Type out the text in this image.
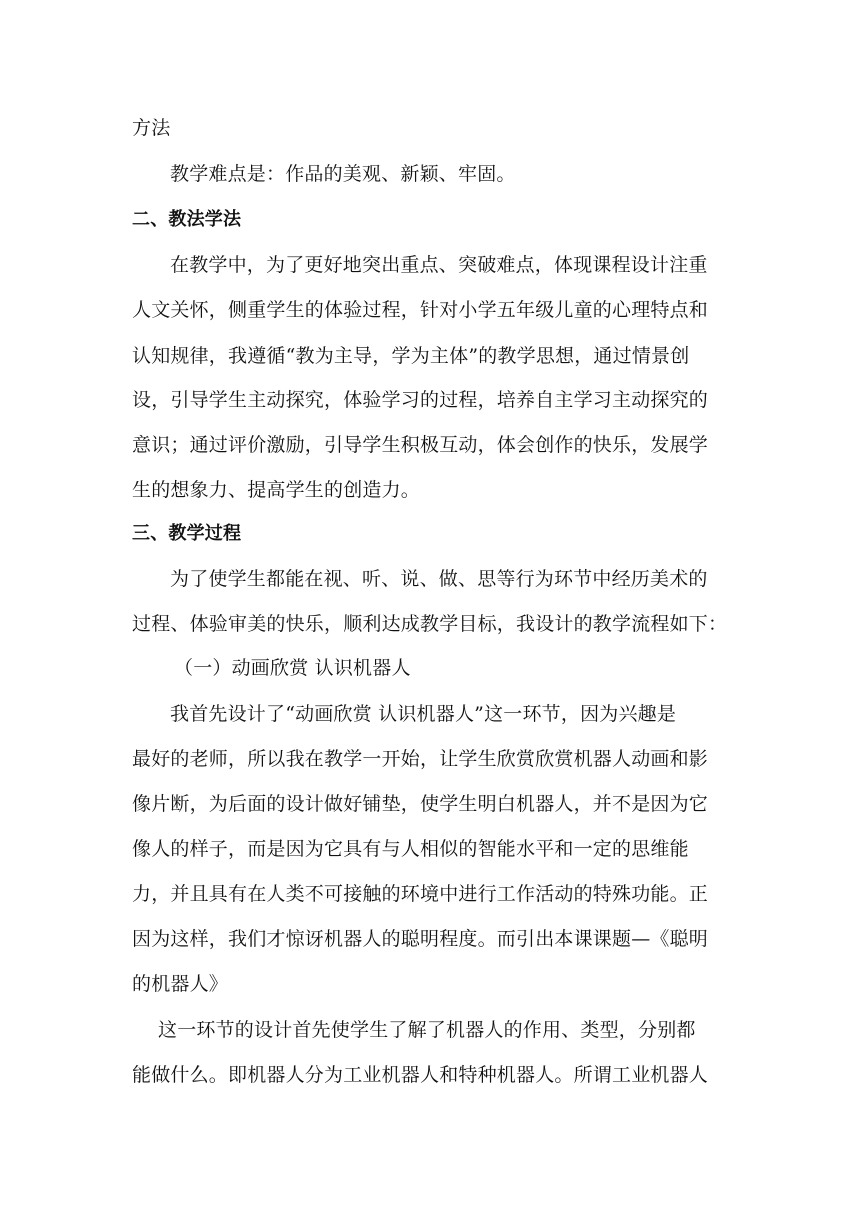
方法
教学难点是：作品的美观、新颖、牢固。
二、教法学法
在教学中，为了更好地突出重点、突破难点，体现课程设计注重
人文关怀，侧重学生的体验过程，针对小学五年级儿童的心理特点和
认知规律，我遵循“教为主导，学为主体”的教学思想，通过情景创
设，引导学生主动探究，体验学习的过程，培养自主学习主动探究的
意识；通过评价激励，引导学生积极互动，体会创作的快乐，发展学
生的想象力、提高学生的创造力。
三、教学过程
为了使学生都能在视、听、说、做、思等行为环节中经历美术的
过程、体验审美的快乐，顺利达成教学目标，我设计的教学流程如下：
（一）动画欣赏 认识机器人
我首先设计了“动画欣赏 认识机器人”这一环节，因为兴趣是
最好的老师，所以我在教学一开始，让学生欣赏欣赏机器人动画和影
像片断，为后面的设计做好铺垫，使学生明白机器人，并不是因为它
像人的样子，而是因为它具有与人相似的智能水平和一定的思维能
力，并且具有在人类不可接触的环境中进行工作活动的特殊功能。正
因为这样，我们才惊讶机器人的聪明程度。而引出本课课题—《聪明
的机器人》
这一环节的设计首先使学生了解了机器人的作用、类型，分别都
能做什么。即机器人分为工业机器人和特种机器人。所谓工业机器人
